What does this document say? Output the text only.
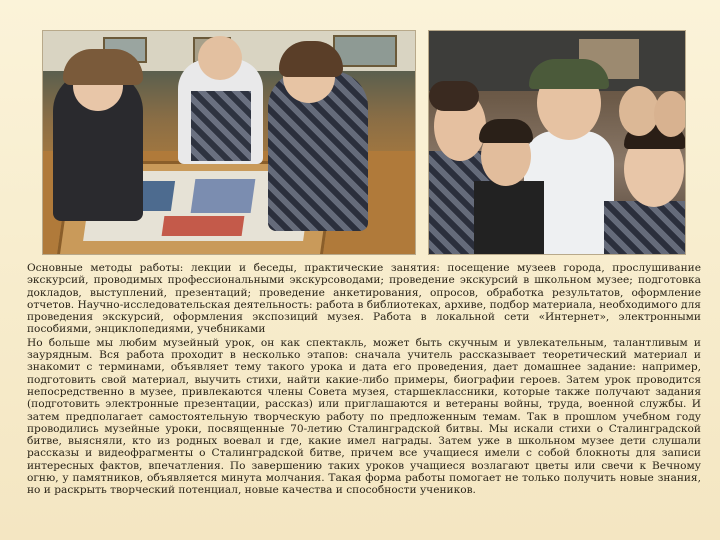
Основные методы работы: лекции и беседы, практические занятия: посещение музеев города, прослушивание экскурсий, проводимых профессиональными экскурсоводами; проведение экскурсий в школьном музее; подготовка докладов, выступлений, презентаций; проведение анкетирования, опросов, обработка результатов, оформление отчетов. Научно-исследовательская деятельность: работа в библиотеках, архиве, подбор материала, необходимого для проведения экскурсий, оформления экспозиций музея. Работа в локальной сети «Интернет», электронными пособиями, энциклопедиями, учебниками

Но больше мы любим музейный урок, он как спектакль, может быть скучным и увлекательным, талантливым и заурядным. Вся работа проходит в несколько этапов: сначала учитель рассказывает теоретический материал и знакомит с терминами, объявляет тему такого урока и дата его проведения, дает домашнее задание: например, подготовить свой материал, выучить стихи, найти какие-либо примеры, биографии героев. Затем урок проводится непосредственно в музее, привлекаются члены Совета музея, старшеклассники, которые также получают задания (подготовить электронные презентации, рассказ) или приглашаются и ветераны войны, труда, военной службы. И затем предполагает самостоятельную творческую работу по предложенным темам. Так в прошлом учебном году проводились музейные уроки, посвященные 70-летию Сталинградской битвы. Мы искали стихи о Сталинградской битве, выясняли, кто из родных воевал и где, какие имел награды. Затем уже в школьном музее дети слушали рассказы и видеофрагменты о Сталинградской битве, причем все учащиеся имели с собой блокноты для записи интересных фактов, впечатления. По завершению таких уроков учащиеся возлагают цветы или свечи к Вечному огню, у памятников, объявляется минута молчания. Такая форма работы помогает не только получить новые знания, но и раскрыть творческий потенциал, новые качества и способности учеников.
